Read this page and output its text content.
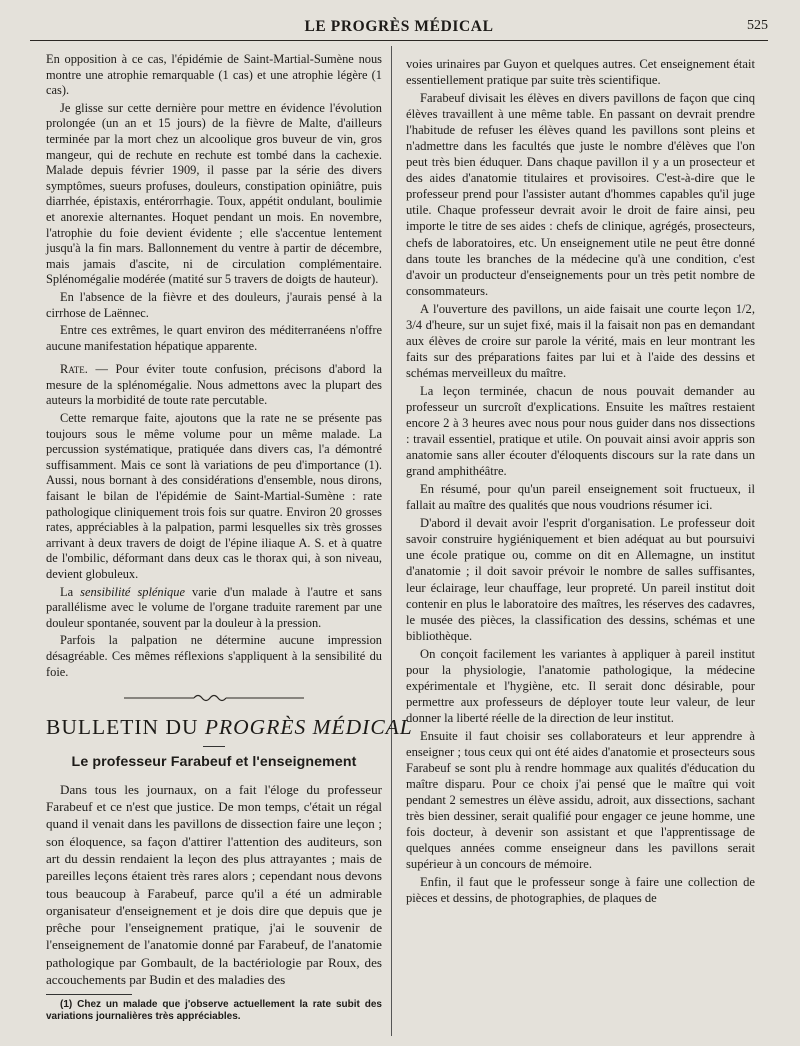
LE PROGRÈS MÉDICAL	525

En opposition à ce cas, l'épidémie de Saint-Martial-Sumène nous montre une atrophie remarquable (1 cas) et une atrophie légère (1 cas).

Je glisse sur cette dernière pour mettre en évidence l'évolution prolongée (un an et 15 jours) de la fièvre de Malte, d'ailleurs terminée par la mort chez un alcoolique gros buveur de vin, gros mangeur, qui de rechute en rechute est tombé dans la cachexie. Malade depuis février 1909, il passe par la série des divers symptômes, sueurs profuses, douleurs, constipation opiniâtre, puis diarrhée, épistaxis, entérorrhagie. Toux, appétit ondulant, boulimie et anorexie alternantes. Hoquet pendant un mois. En novembre, l'atrophie du foie devient évidente ; elle s'accentue lentement jusqu'à la fin mars. Ballonnement du ventre à partir de décembre, mais jamais d'ascite, ni de circulation complémentaire. Splénomégalie modérée (matité sur 5 travers de doigts de hauteur).

En l'absence de la fièvre et des douleurs, j'aurais pensé à la cirrhose de Laënnec.

Entre ces extrêmes, le quart environ des méditerranéens n'offre aucune manifestation hépatique apparente.

Rate. — Pour éviter toute confusion, précisons d'abord la mesure de la splénomégalie. Nous admettons avec la plupart des auteurs la morbidité de toute rate percutable.

Cette remarque faite, ajoutons que la rate ne se présente pas toujours sous le même volume pour un même malade. La percussion systématique, pratiquée dans divers cas, l'a démontré suffisamment. Mais ce sont là variations de peu d'importance (1). Aussi, nous bornant à des considérations d'ensemble, nous dirons, faisant le bilan de l'épidémie de Saint-Martial-Sumène : rate pathologique cliniquement trois fois sur quatre. Environ 20 grosses rates, appréciables à la palpation, parmi lesquelles six très grosses arrivant à deux travers de doigt de l'épine iliaque A. S. et à quatre de l'ombilic, déformant dans deux cas le thorax qui, à son niveau, devient globuleux.

La sensibilité splénique varie d'un malade à l'autre et sans parallélisme avec le volume de l'organe traduite rarement par une douleur spontanée, souvent par la douleur à la pression.

Parfois la palpation ne détermine aucune impression désagréable. Ces mêmes réflexions s'appliquent à la sensibilité du foie.

BULLETIN DU PROGRÈS MÉDICAL
Le professeur Farabeuf et l'enseignement

Dans tous les journaux, on a fait l'éloge du professeur Farabeuf et ce n'est que justice. De mon temps, c'était un régal quand il venait dans les pavillons de dissection faire une leçon ; son éloquence, sa façon d'attirer l'attention des auditeurs, son art du dessin rendaient la leçon des plus attrayantes ; mais de pareilles leçons étaient très rares alors ; cependant nous devons tous beaucoup à Farabeuf, parce qu'il a été un admirable organisateur d'enseignement et je dois dire que depuis que je prêche pour l'enseignement pratique, j'ai le souvenir de l'enseignement de l'anatomie donné par Farabeuf, de l'anatomie pathologique par Gombault, de la bactériologie par Roux, des accouchements par Budin et des maladies des

(1) Chez un malade que j'observe actuellement la rate subit des variations journalières très appréciables.

voies urinaires par Guyon et quelques autres. Cet enseignement était essentiellement pratique par suite très scientifique.

Farabeuf divisait les élèves en divers pavillons de façon que cinq élèves travaillent à une même table. En passant on devrait prendre l'habitude de refuser les élèves quand les pavillons sont pleins et n'admettre dans les facultés que juste le nombre d'élèves que l'on peut très bien éduquer. Dans chaque pavillon il y a un prosecteur et des aides d'anatomie titulaires et provisoires. C'est-à-dire que le professeur prend pour l'assister autant d'hommes capables qu'il juge utile. Chaque professeur devrait avoir le droit de faire ainsi, peu importe le titre de ses aides : chefs de clinique, agrégés, prosecteurs, chefs de laboratoires, etc. Un enseignement utile ne peut être donné dans toute les branches de la médecine qu'à une condition, c'est d'avoir un producteur d'enseignements pour un très petit nombre de consommateurs.

A l'ouverture des pavillons, un aide faisait une courte leçon 1/2, 3/4 d'heure, sur un sujet fixé, mais il la faisait non pas en demandant aux élèves de croire sur parole la vérité, mais en leur montrant les faits sur des préparations faites par lui et à l'aide des dessins et schémas merveilleux du maître.

La leçon terminée, chacun de nous pouvait demander au professeur un surcroît d'explications. Ensuite les maîtres restaient encore 2 à 3 heures avec nous pour nous guider dans nos dissections : travail essentiel, pratique et utile. On pouvait ainsi avoir appris son anatomie sans aller écouter d'éloquents discours sur la rate dans un grand amphithéâtre.

En résumé, pour qu'un pareil enseignement soit fructueux, il fallait au maître des qualités que nous voudrions résumer ici.

D'abord il devait avoir l'esprit d'organisation. Le professeur doit savoir construire hygiéniquement et bien adéquat au but poursuivi une école pratique ou, comme on dit en Allemagne, un institut d'anatomie ; il doit savoir prévoir le nombre de salles suffisantes, leur éclairage, leur chauffage, leur propreté. Un pareil institut doit contenir en plus le laboratoire des maîtres, les réserves des cadavres, le musée des pièces, la classification des dessins, schémas et une bibliothèque.

On conçoit facilement les variantes à appliquer à pareil institut pour la physiologie, l'anatomie pathologique, la médecine expérimentale et l'hygiène, etc. Il serait donc désirable, pour permettre aux professeurs de déployer toute leur valeur, de leur donner la liberté réelle de la direction de leur institut.

Ensuite il faut choisir ses collaborateurs et leur apprendre à enseigner ; tous ceux qui ont été aides d'anatomie et prosecteurs sous Farabeuf se sont plu à rendre hommage aux qualités d'éducation du maître disparu. Pour ce choix j'ai pensé que le maître qui voit pendant 2 semestres un élève assidu, adroit, aux dissections, sachant très bien dessiner, serait qualifié pour engager ce jeune homme, une fois docteur, à devenir son assistant et que l'apprentissage de quelques années comme enseigneur dans les pavillons serait supérieur à un concours de mémoire.

Enfin, il faut que le professeur songe à faire une collection de pièces et dessins, de photographies, de plaques de
